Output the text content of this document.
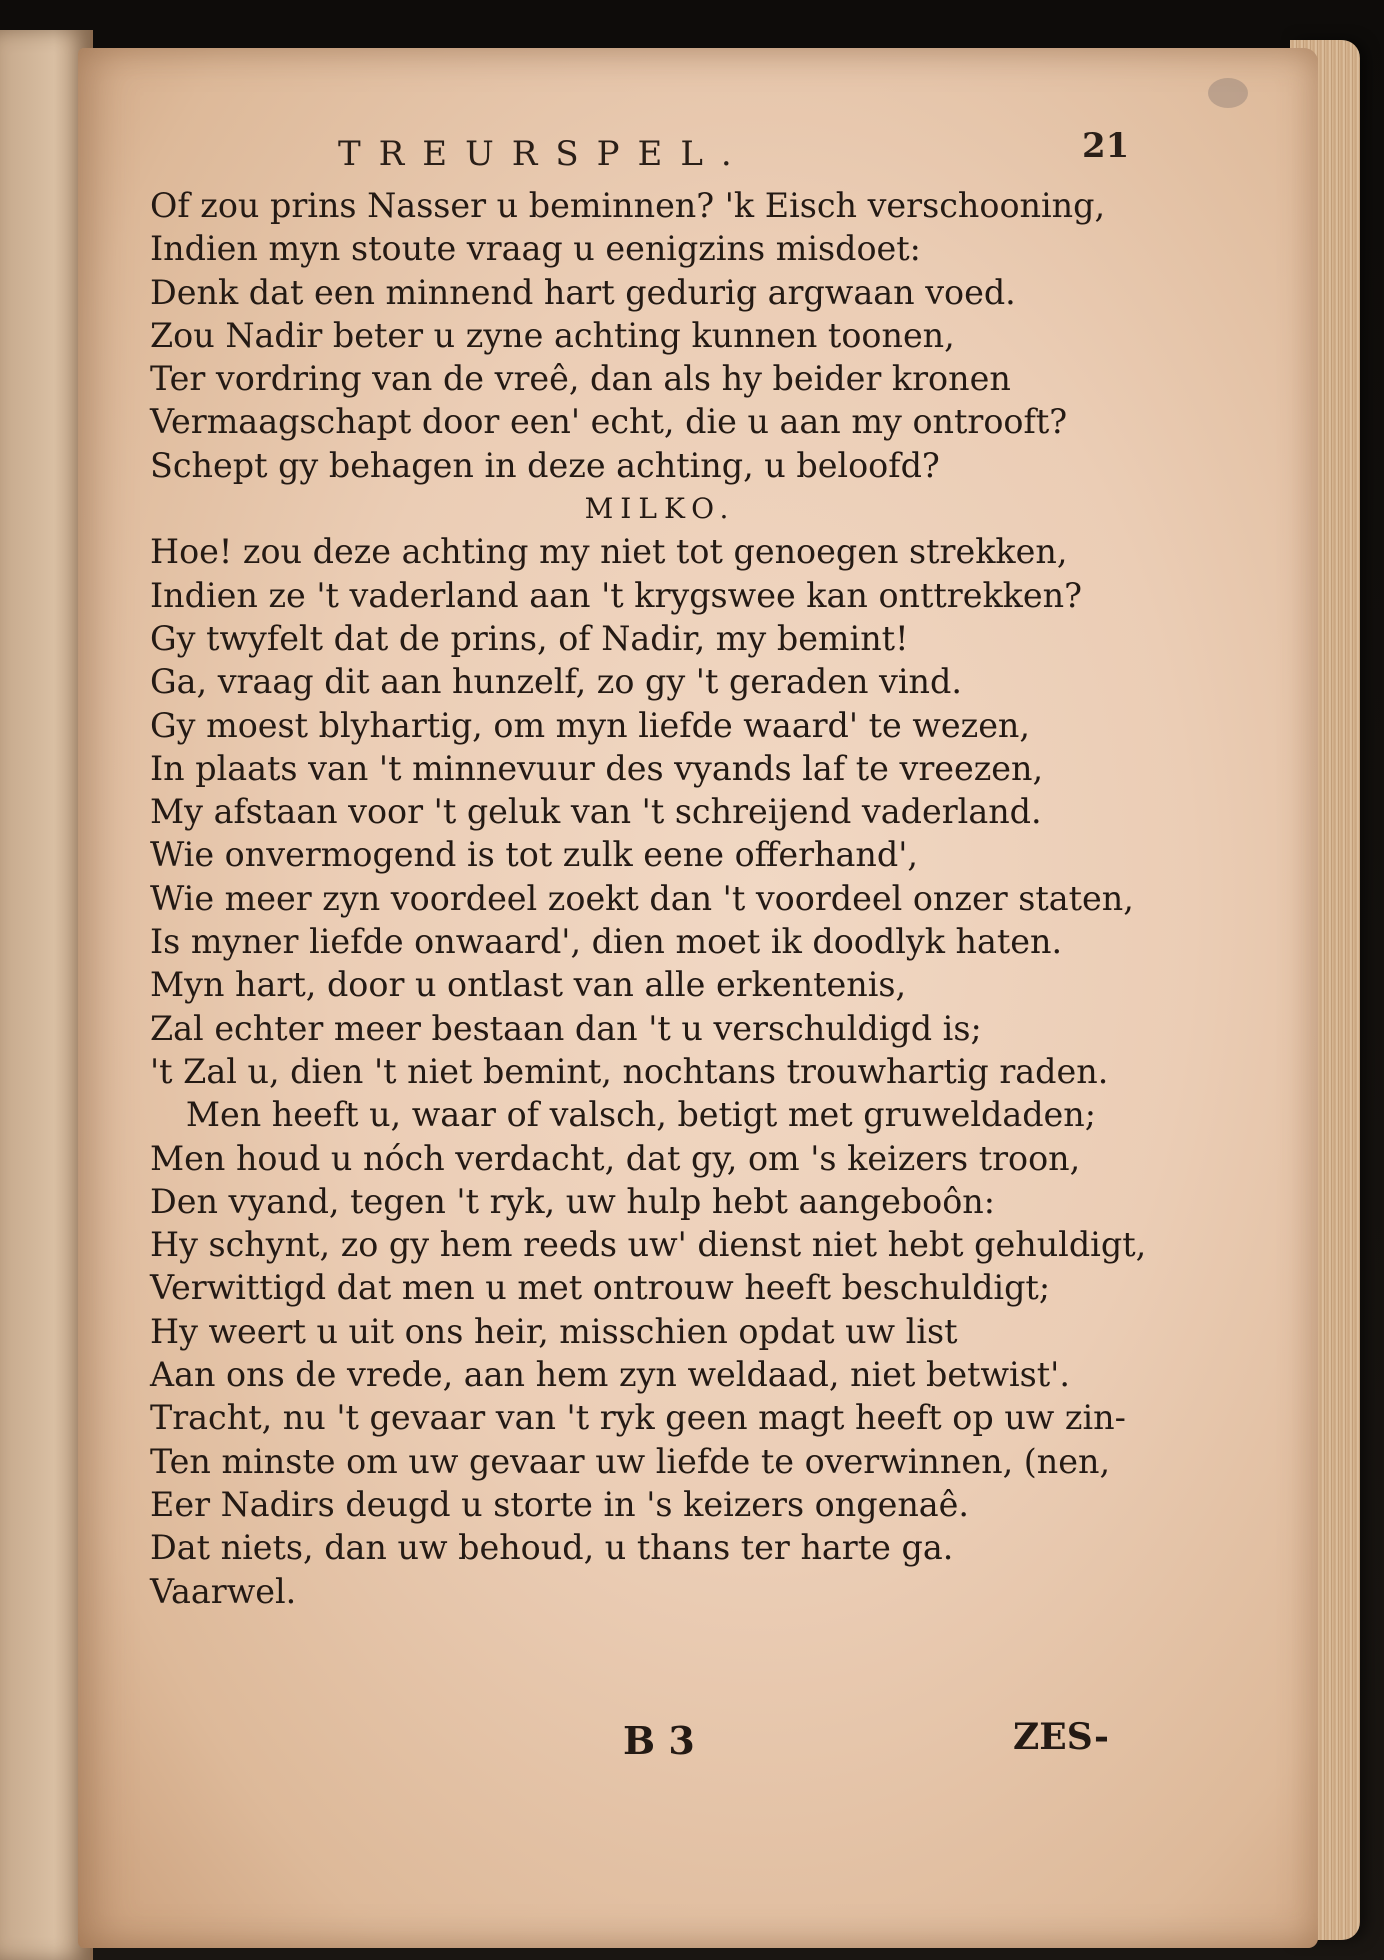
TREURSPEL.	21
Of zou prins Nasser u beminnen? 'k Eisch verschooning,
Indien myn stoute vraag u eenigzins misdoet:
Denk dat een minnend hart gedurig argwaan voed.
Zou Nadir beter u zyne achting kunnen toonen,
Ter vordring van de vreê, dan als hy beider kronen
Vermaagschapt door een' echt, die u aan my ontrooft?
Schept gy behagen in deze achting, u beloofd?
MILKO.
Hoe! zou deze achting my niet tot genoegen strekken,
Indien ze 't vaderland aan 't krygswee kan onttrekken?
Gy twyfelt dat de prins, of Nadir, my bemint!
Ga, vraag dit aan hunzelf, zo gy 't geraden vind.
Gy moest blyhartig, om myn liefde waard' te wezen,
In plaats van 't minnevuur des vyands laf te vreezen,
My afstaan voor 't geluk van 't schreijend vaderland.
Wie onvermogend is tot zulk eene offerhand',
Wie meer zyn voordeel zoekt dan 't voordeel onzer staten,
Is myner liefde onwaard', dien moet ik doodlyk haten.
Myn hart, door u ontlast van alle erkentenis,
Zal echter meer bestaan dan 't u verschuldigd is;
't Zal u, dien 't niet bemint, nochtans trouwhartig raden.
Men heeft u, waar of valsch, betigt met gruweldaden;
Men houd u nóch verdacht, dat gy, om 's keizers troon,
Den vyand, tegen 't ryk, uw hulp hebt aangeboôn:
Hy schynt, zo gy hem reeds uw' dienst niet hebt gehuldigt,
Verwittigd dat men u met ontrouw heeft beschuldigt;
Hy weert u uit ons heir, misschien opdat uw list
Aan ons de vrede, aan hem zyn weldaad, niet betwist'.
Tracht, nu 't gevaar van 't ryk geen magt heeft op uw zin-
Ten minste om uw gevaar uw liefde te overwinnen, (nen,
Eer Nadirs deugd u storte in 's keizers ongenaê.
Dat niets, dan uw behoud, u thans ter harte ga.
Vaarwel.
B 3	ZES-
